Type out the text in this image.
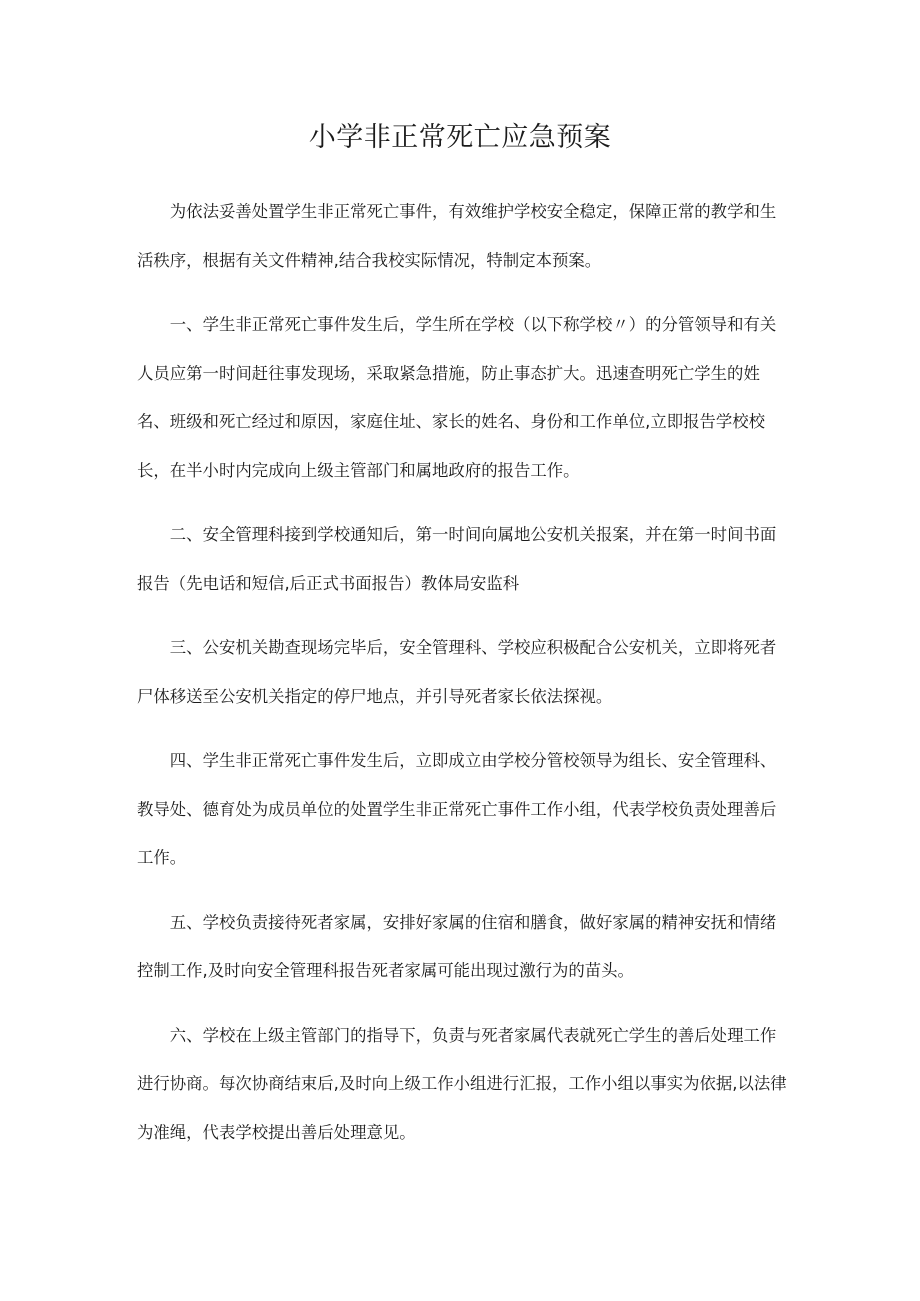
小学非正常死亡应急预案

为依法妥善处置学生非正常死亡事件，有效维护学校安全稳定，保障正常的教学和生活秩序，根据有关文件精神,结合我校实际情况，特制定本预案。

一、学生非正常死亡事件发生后，学生所在学校（以下称学校〃）的分管领导和有关人员应第一时间赶往事发现场，采取紧急措施，防止事态扩大。迅速查明死亡学生的姓名、班级和死亡经过和原因，家庭住址、家长的姓名、身份和工作单位,立即报告学校校长，在半小时内完成向上级主管部门和属地政府的报告工作。

二、安全管理科接到学校通知后，第一时间向属地公安机关报案，并在第一时间书面报告（先电话和短信,后正式书面报告）教体局安监科

三、公安机关勘查现场完毕后，安全管理科、学校应积极配合公安机关，立即将死者尸体移送至公安机关指定的停尸地点，并引导死者家长依法探视。

四、学生非正常死亡事件发生后，立即成立由学校分管校领导为组长、安全管理科、教导处、德育处为成员单位的处置学生非正常死亡事件工作小组，代表学校负责处理善后工作。

五、学校负责接待死者家属，安排好家属的住宿和膳食，做好家属的精神安抚和情绪控制工作,及时向安全管理科报告死者家属可能出现过激行为的苗头。

六、学校在上级主管部门的指导下，负责与死者家属代表就死亡学生的善后处理工作进行协商。每次协商结束后,及时向上级工作小组进行汇报，工作小组以事实为依据,以法律为准绳，代表学校提出善后处理意见。
